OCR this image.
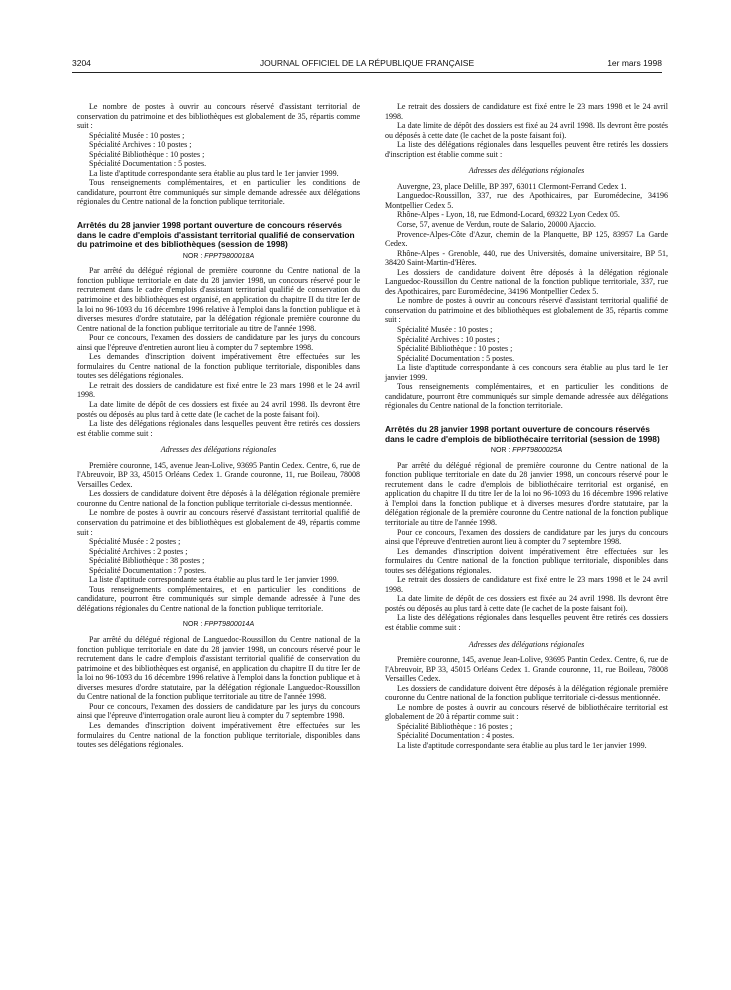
3204	JOURNAL OFFICIEL DE LA RÉPUBLIQUE FRANÇAISE	1er mars 1998

Le nombre de postes à ouvrir au concours réservé d'assistant territorial de conservation du patrimoine et des bibliothèques est globalement de 35, répartis comme suit :

Spécialité Musée : 10 postes ;

Spécialité Archives : 10 postes ;

Spécialité Bibliothèque : 10 postes ;

Spécialité Documentation : 5 postes.

La liste d'aptitude correspondante sera établie au plus tard le 1er janvier 1999.

Tous renseignements complémentaires, et en particulier les conditions de candidature, pourront être communiqués sur simple demande adressée aux délégations régionales du Centre national de la fonction publique territoriale.

Arrêtés du 28 janvier 1998 portant ouverture de concours réservés dans le cadre d'emplois d'assistant territorial qualifié de conservation du patrimoine et des bibliothèques (session de 1998)
NOR : FPPT9800018A

Par arrêté du délégué régional de première couronne du Centre national de la fonction publique territoriale en date du 28 janvier 1998, un concours réservé pour le recrutement dans le cadre d'emplois d'assistant territorial qualifié de conservation du patrimoine et des bibliothèques est organisé, en application du chapitre II du titre Ier de la loi no 96-1093 du 16 décembre 1996 relative à l'emploi dans la fonction publique et à diverses mesures d'ordre statutaire, par la délégation régionale première couronne du Centre national de la fonction publique territoriale au titre de l'année 1998.

Pour ce concours, l'examen des dossiers de candidature par les jurys du concours ainsi que l'épreuve d'entretien auront lieu à compter du 7 septembre 1998.

Les demandes d'inscription doivent impérativement être effectuées sur les formulaires du Centre national de la fonction publique territoriale, disponibles dans toutes ses délégations régionales.

Le retrait des dossiers de candidature est fixé entre le 23 mars 1998 et le 24 avril 1998.

La date limite de dépôt de ces dossiers est fixée au 24 avril 1998. Ils devront être postés ou déposés au plus tard à cette date (le cachet de la poste faisant foi).

La liste des délégations régionales dans lesquelles peuvent être retirés ces dossiers est établie comme suit :

Adresses des délégations régionales

Première couronne, 145, avenue Jean-Lolive, 93695 Pantin Cedex. Centre, 6, rue de l'Abreuvoir, BP 33, 45015 Orléans Cedex 1. Grande couronne, 11, rue Boileau, 78008 Versailles Cedex.

Les dossiers de candidature doivent être déposés à la délégation régionale première couronne du Centre national de la fonction publique territoriale ci-dessus mentionnée.

Le nombre de postes à ouvrir au concours réservé d'assistant territorial qualifié de conservation du patrimoine et des bibliothèques est globalement de 49, répartis comme suit :

Spécialité Musée : 2 postes ;

Spécialité Archives : 2 postes ;

Spécialité Bibliothèque : 38 postes ;

Spécialité Documentation : 7 postes.

La liste d'aptitude correspondante sera établie au plus tard le 1er janvier 1999.

Tous renseignements complémentaires, et en particulier les conditions de candidature, pourront être communiqués sur simple demande adressée à l'une des délégations régionales du Centre national de la fonction publique territoriale.

NOR : FPPT9800014A

Par arrêté du délégué régional de Languedoc-Roussillon du Centre national de la fonction publique territoriale en date du 28 janvier 1998, un concours réservé pour le recrutement dans le cadre d'emplois d'assistant territorial qualifié de conservation du patrimoine et des bibliothèques est organisé, en application du chapitre II du titre Ier de la loi no 96-1093 du 16 décembre 1996 relative à l'emploi dans la fonction publique et à diverses mesures d'ordre statutaire, par la délégation régionale Languedoc-Roussillon du Centre national de la fonction publique territoriale au titre de l'année 1998.

Pour ce concours, l'examen des dossiers de candidature par les jurys du concours ainsi que l'épreuve d'interrogation orale auront lieu à compter du 7 septembre 1998.

Les demandes d'inscription doivent impérativement être effectuées sur les formulaires du Centre national de la fonction publique territoriale, disponibles dans toutes ses délégations régionales.

Le retrait des dossiers de candidature est fixé entre le 23 mars 1998 et le 24 avril 1998.

La date limite de dépôt des dossiers est fixé au 24 avril 1998. Ils devront être postés ou déposés à cette date (le cachet de la poste faisant foi).

La liste des délégations régionales dans lesquelles peuvent être retirés les dossiers d'inscription est établie comme suit :

Adresses des délégations régionales

Auvergne, 23, place Delille, BP 397, 63011 Clermont-Ferrand Cedex 1.

Languedoc-Roussillon, 337, rue des Apothicaires, par Euromédecine, 34196 Montpellier Cedex 5.

Rhône-Alpes - Lyon, 18, rue Edmond-Locard, 69322 Lyon Cedex 05.

Corse, 57, avenue de Verdun, route de Salario, 20000 Ajaccio.

Provence-Alpes-Côte d'Azur, chemin de la Planquette, BP 125, 83957 La Garde Cedex.

Rhône-Alpes - Grenoble, 440, rue des Universités, domaine universitaire, BP 51, 38420 Saint-Martin-d'Hères.

Les dossiers de candidature doivent être déposés à la délégation régionale Languedoc-Roussillon du Centre national de la fonction publique territoriale, 337, rue des Apothicaires, parc Euromédecine, 34196 Montpellier Cedex 5.

Le nombre de postes à ouvrir au concours réservé d'assistant territorial qualifié de conservation du patrimoine et des bibliothèques est globalement de 35, répartis comme suit :

Spécialité Musée : 10 postes ;

Spécialité Archives : 10 postes ;

Spécialité Bibliothèque : 10 postes ;

Spécialité Documentation : 5 postes.

La liste d'aptitude correspondante à ces concours sera établie au plus tard le 1er janvier 1999.

Tous renseignements complémentaires, et en particulier les conditions de candidature, pourront être communiqués sur simple demande adressée aux délégations régionales du Centre national de la fonction territoriale.

Arrêtés du 28 janvier 1998 portant ouverture de concours réservés dans le cadre d'emplois de bibliothécaire territorial (session de 1998)
NOR : FPPT9800025A

Par arrêté du délégué régional de première couronne du Centre national de la fonction publique territoriale en date du 28 janvier 1998, un concours réservé pour le recrutement dans le cadre d'emplois de bibliothécaire territorial est organisé, en application du chapitre II du titre Ier de la loi no 96-1093 du 16 décembre 1996 relative à l'emploi dans la fonction publique et à diverses mesures d'ordre statutaire, par la délégation régionale de la première couronne du Centre national de la fonction publique territoriale au titre de l'année 1998.

Pour ce concours, l'examen des dossiers de candidature par les jurys du concours ainsi que l'épreuve d'entretien auront lieu à compter du 7 septembre 1998.

Les demandes d'inscription doivent impérativement être effectuées sur les formulaires du Centre national de la fonction publique territoriale, disponibles dans toutes ses délégations régionales.

Le retrait des dossiers de candidature est fixé entre le 23 mars 1998 et le 24 avril 1998.

La date limite de dépôt de ces dossiers est fixée au 24 avril 1998. Ils devront être postés ou déposés au plus tard à cette date (le cachet de la poste faisant foi).

La liste des délégations régionales dans lesquelles peuvent être retirés ces dossiers est établie comme suit :

Adresses des délégations régionales

Première couronne, 145, avenue Jean-Lolive, 93695 Pantin Cedex. Centre, 6, rue de l'Abreuvoir, BP 33, 45015 Orléans Cedex 1. Grande couronne, 11, rue Boileau, 78008 Versailles Cedex.

Les dossiers de candidature doivent être déposés à la délégation régionale première couronne du Centre national de la fonction publique territoriale ci-dessus mentionnée.

Le nombre de postes à ouvrir au concours réservé de bibliothécaire territorial est globalement de 20 à répartir comme suit :

Spécialité Bibliothèque : 16 postes ;

Spécialité Documentation : 4 postes.

La liste d'aptitude correspondante sera établie au plus tard le 1er janvier 1999.
